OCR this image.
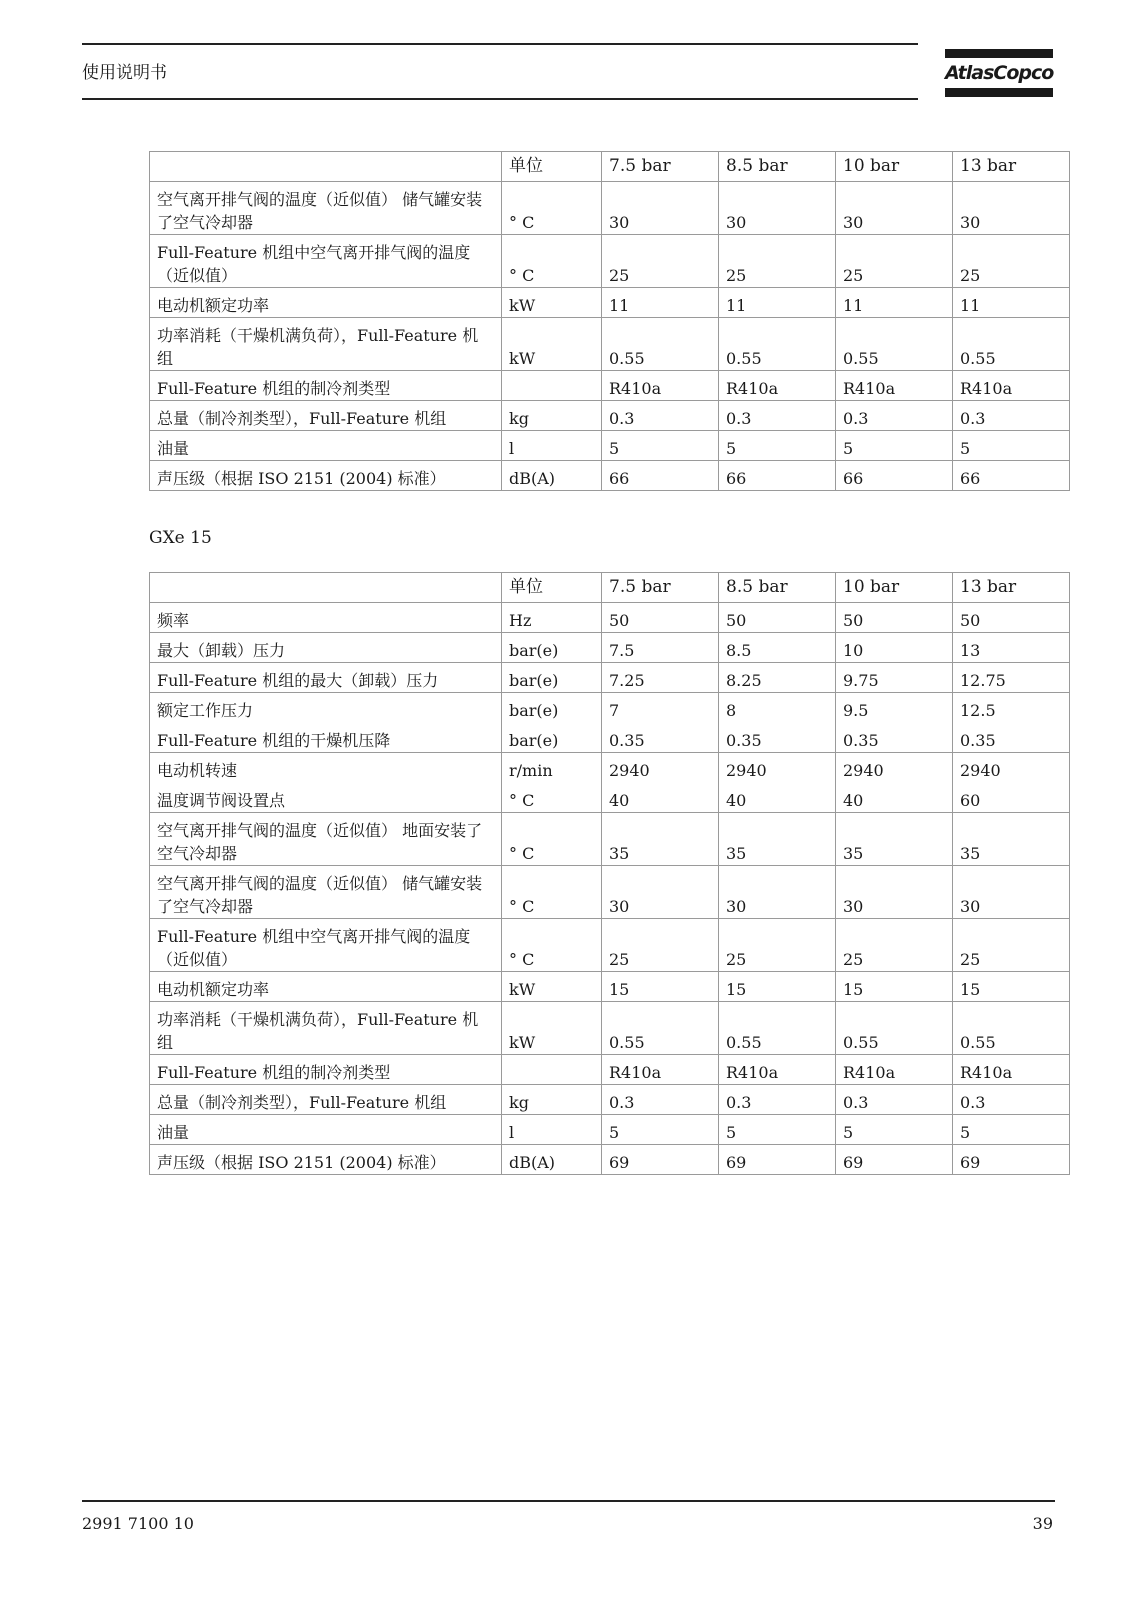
使用说明书	AtlasCopco
	单位	7.5 bar	8.5 bar	10 bar	13 bar
空气离开排气阀的温度（近似值） 储气罐安装了空气冷却器	° C	30	30	30	30
Full-Feature 机组中空气离开排气阀的温度（近似值）	° C	25	25	25	25
电动机额定功率	kW	11	11	11	11
功率消耗（干燥机满负荷），Full-Feature 机组	kW	0.55	0.55	0.55	0.55
Full-Feature 机组的制冷剂类型		R410a	R410a	R410a	R410a
总量（制冷剂类型），Full-Feature 机组	kg	0.3	0.3	0.3	0.3
油量	l	5	5	5	5
声压级（根据 ISO 2151 (2004) 标准）	dB(A)	66	66	66	66
GXe 15
	单位	7.5 bar	8.5 bar	10 bar	13 bar
频率	Hz	50	50	50	50
最大（卸载）压力	bar(e)	7.5	8.5	10	13
Full-Feature 机组的最大（卸载）压力	bar(e)	7.25	8.25	9.75	12.75
额定工作压力	bar(e)	7	8	9.5	12.5
Full-Feature 机组的干燥机压降	bar(e)	0.35	0.35	0.35	0.35
电动机转速	r/min	2940	2940	2940	2940
温度调节阀设置点	° C	40	40	40	60
空气离开排气阀的温度（近似值） 地面安装了空气冷却器	° C	35	35	35	35
空气离开排气阀的温度（近似值） 储气罐安装了空气冷却器	° C	30	30	30	30
Full-Feature 机组中空气离开排气阀的温度（近似值）	° C	25	25	25	25
电动机额定功率	kW	15	15	15	15
功率消耗（干燥机满负荷），Full-Feature 机组	kW	0.55	0.55	0.55	0.55
Full-Feature 机组的制冷剂类型		R410a	R410a	R410a	R410a
总量（制冷剂类型），Full-Feature 机组	kg	0.3	0.3	0.3	0.3
油量	l	5	5	5	5
声压级（根据 ISO 2151 (2004) 标准）	dB(A)	69	69	69	69
2991 7100 10	39
